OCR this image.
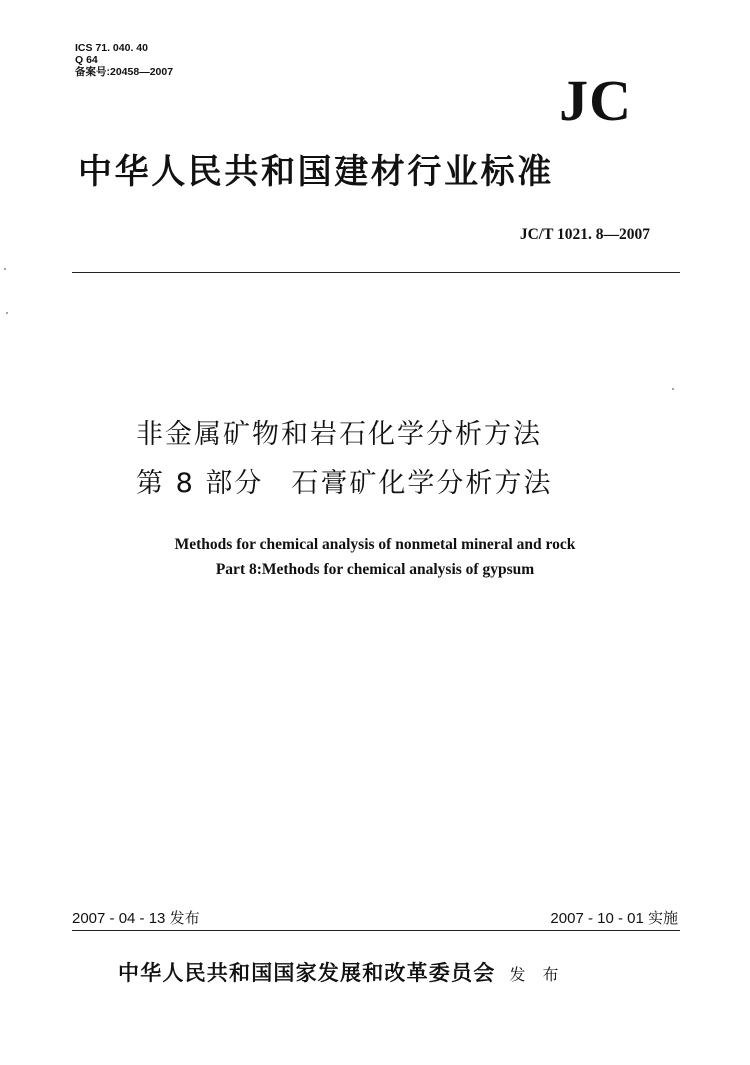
ICS 71. 040. 40
Q 64
备案号:20458—2007	JC
中华人民共和国建材行业标准
JC/T 1021. 8—2007
非金属矿物和岩石化学分析方法
第 8 部分 石膏矿化学分析方法
Methods for chemical analysis of nonmetal mineral and rock
Part 8:Methods for chemical analysis of gypsum
2007 - 04 - 13 发布	2007 - 10 - 01 实施
中华人民共和国国家发展和改革委员会 发 布
